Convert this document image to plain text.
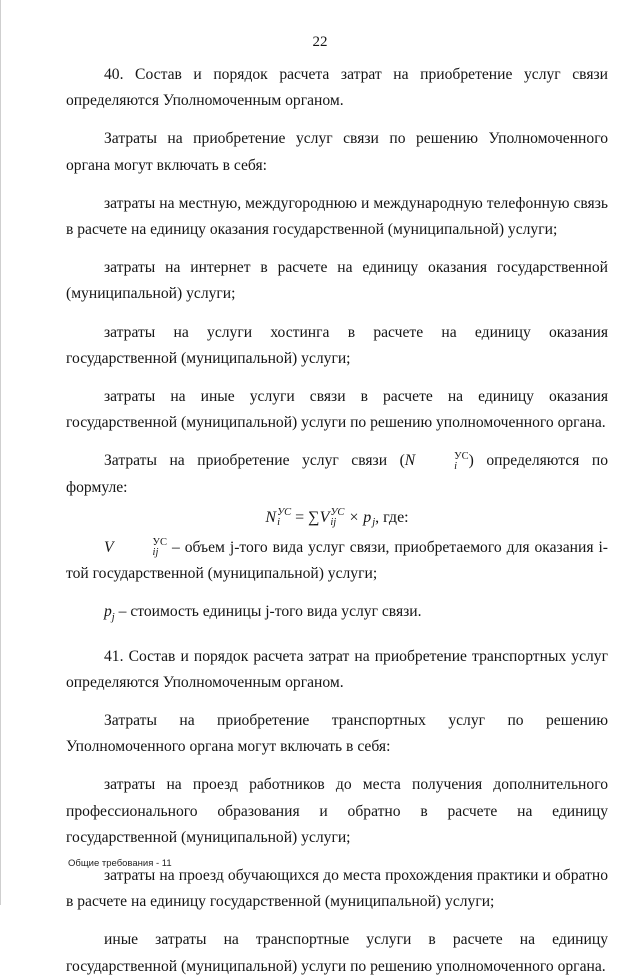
22

40. Состав и порядок расчета затрат на приобретение услуг связи определяются Уполномоченным органом.

Затраты на приобретение услуг связи по решению Уполномоченного органа могут включать в себя:

затраты на местную, междугороднюю и международную телефонную связь в расчете на единицу оказания государственной (муниципальной) услуги;

затраты на интернет в расчете на единицу оказания государственной (муниципальной) услуги;

затраты на услуги хостинга в расчете на единицу оказания государственной (муниципальной) услуги;

затраты на иные услуги связи в расчете на единицу оказания государственной (муниципальной) услуги по решению уполномоченного органа.

Затраты на приобретение услуг связи (N	УС
i ) определяются по формуле:

N УС
i = ∑V УС
ij × p
j , где:

V	УС
ij – объем j-того вида услуг связи, приобретаемого для оказания i-той государственной (муниципальной) услуги;

$p_j$ – стоимость единицы j-того вида услуг связи.

41. Состав и порядок расчета затрат на приобретение транспортных услуг определяются Уполномоченным органом.

Затраты на приобретение транспортных услуг по решению Уполномоченного органа могут включать в себя:

затраты на проезд работников до места получения дополнительного профессионального образования и обратно в расчете на единицу государственной (муниципальной) услуги;

затраты на проезд обучающихся до места прохождения практики и обратно в расчете на единицу государственной (муниципальной) услуги;

иные затраты на транспортные услуги в расчете на единицу государственной (муниципальной) услуги по решению уполномоченного органа.

Общие требования - 11
